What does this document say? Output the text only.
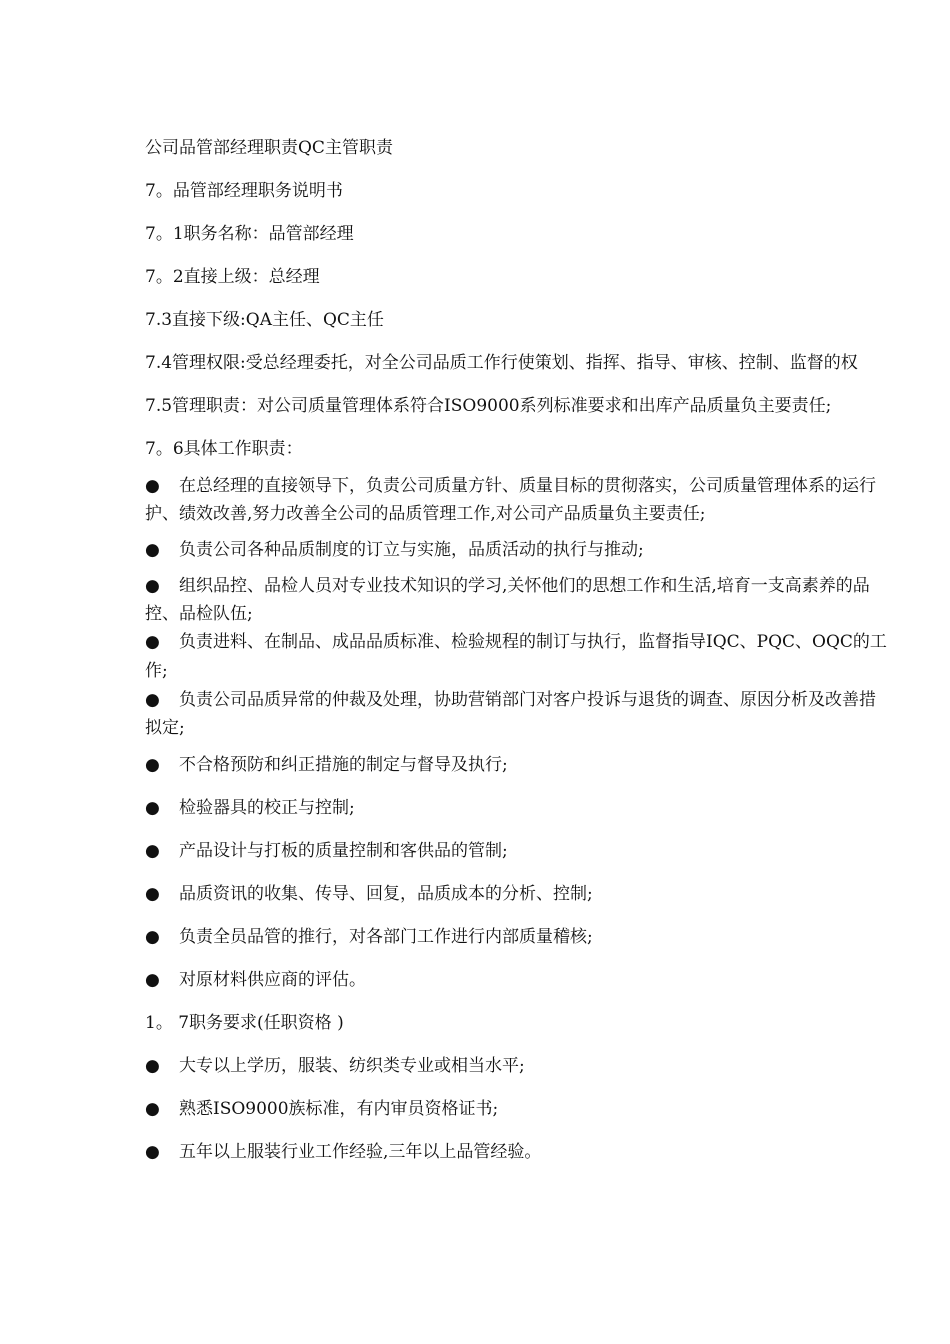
公司品管部经理职责QC主管职责
7。品管部经理职务说明书
7。1职务名称：品管部经理
7。2直接上级：总经理
7.3直接下级:QA主任、QC主任
7.4管理权限:受总经理委托，对全公司品质工作行使策划、指挥、指导、审核、控制、监督的权
7.5管理职责：对公司质量管理体系符合ISO9000系列标准要求和出库产品质量负主要责任;
7。6具体工作职责：
● 在总经理的直接领导下，负责公司质量方针、质量目标的贯彻落实，公司质量管理体系的运行
护、绩效改善,努力改善全公司的品质管理工作,对公司产品质量负主要责任;
● 负责公司各种品质制度的订立与实施，品质活动的执行与推动;
● 组织品控、品检人员对专业技术知识的学习,关怀他们的思想工作和生活,培育一支高素养的品
控、品检队伍;
● 负责进料、在制品、成品品质标准、检验规程的制订与执行，监督指导IQC、PQC、OQC的工
作;
● 负责公司品质异常的仲裁及处理，协助营销部门对客户投诉与退货的调查、原因分析及改善措
拟定;
● 不合格预防和纠正措施的制定与督导及执行;
● 检验器具的校正与控制;
● 产品设计与打板的质量控制和客供品的管制;
● 品质资讯的收集、传导、回复，品质成本的分析、控制;
● 负责全员品管的推行，对各部门工作进行内部质量稽核;
● 对原材料供应商的评估。
1。 7职务要求(任职资格 )
● 大专以上学历，服装、纺织类专业或相当水平;
● 熟悉ISO9000族标准，有内审员资格证书;
● 五年以上服装行业工作经验,三年以上品管经验。
